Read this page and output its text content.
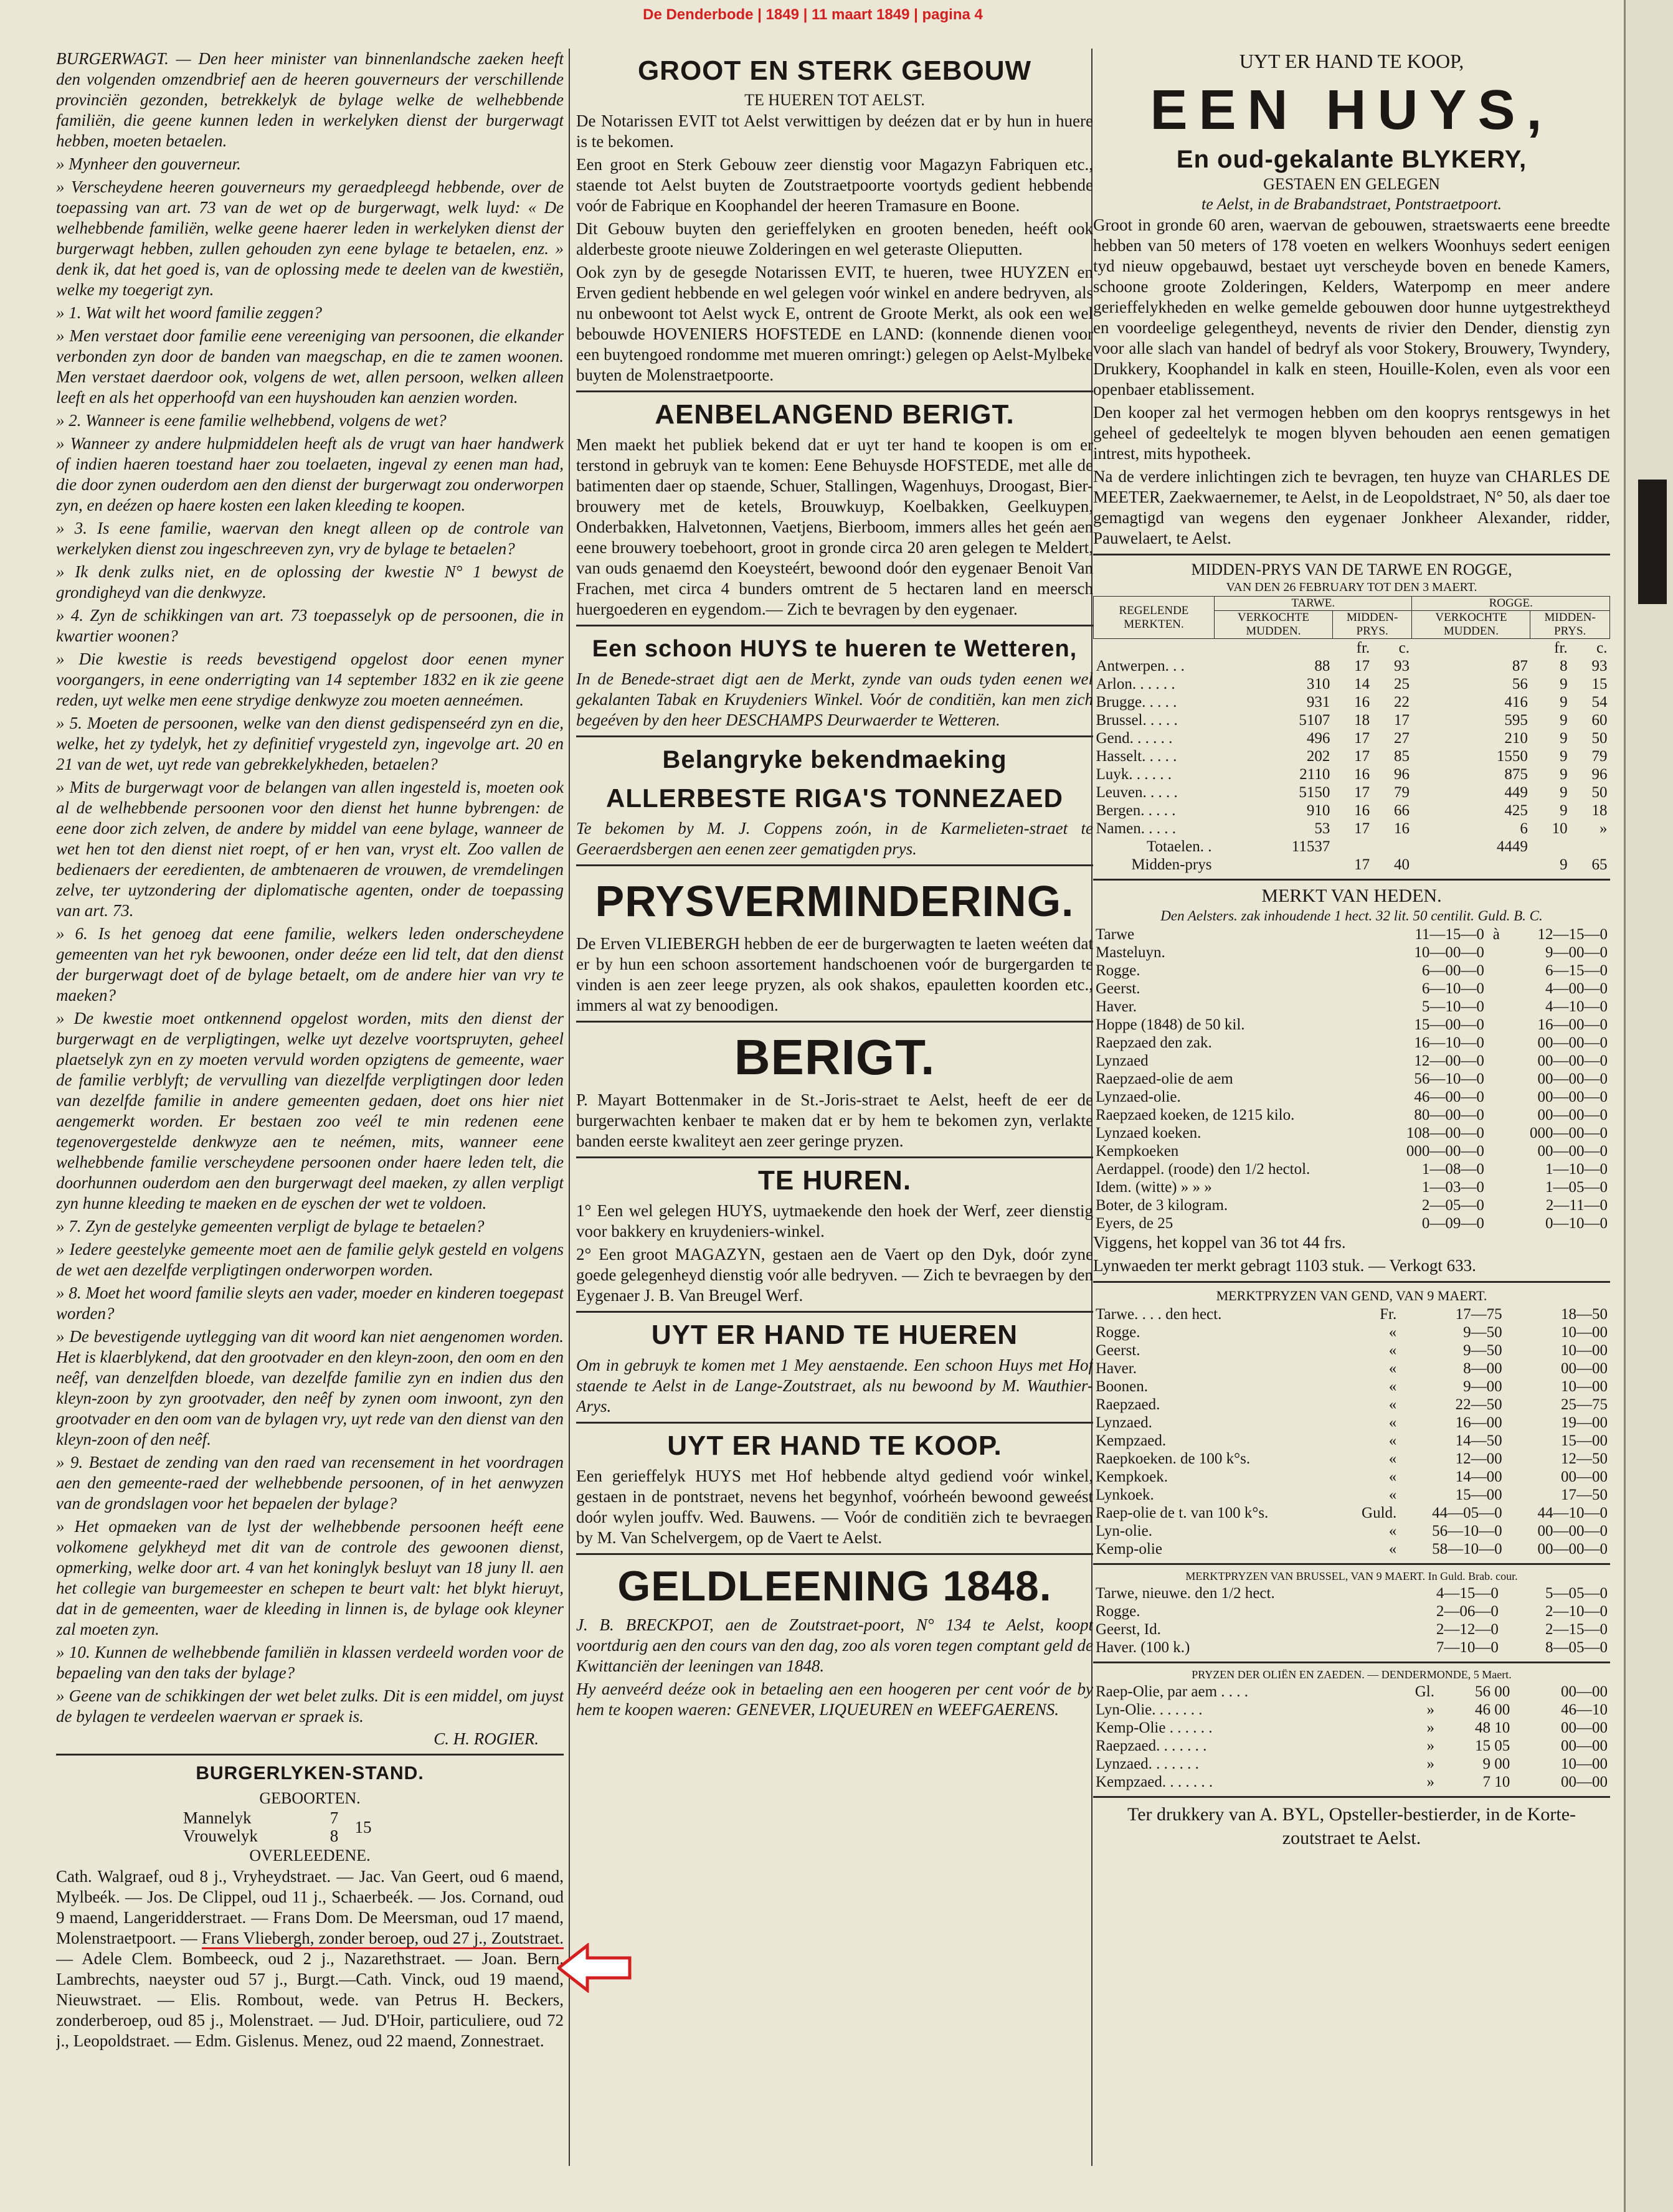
De Denderbode | 1849 | 11 maart 1849 | pagina 4

BURGERWAGT. — Den heer minister van binnenlandsche zaeken heeft den volgenden omzendbrief aen de heeren gouverneurs der verschillende provinciën gezonden, betrekkelyk de bylage welke de welhebbende familiën, die geene kunnen leden in werkelyken dienst der burgerwagt hebben, moeten betaelen.

» Mynheer den gouverneur.

» Verscheydene heeren gouverneurs my geraedpleegd hebbende, over de toepassing van art. 73 van de wet op de burgerwagt, welk luyd: « De welhebbende familiën, welke geene haerer leden in werkelyken dienst der burgerwagt hebben, zullen gehouden zyn eene bylage te betaelen, enz. » denk ik, dat het goed is, van de oplossing mede te deelen van de kwestiën, welke my toegerigt zyn.

» 1. Wat wilt het woord familie zeggen?

» Men verstaet door familie eene vereeniging van persoonen, die elkander verbonden zyn door de banden van maegschap, en die te zamen woonen. Men verstaet daerdoor ook, volgens de wet, allen persoon, welken alleen leeft en als het opperhoofd van een huyshouden kan aenzien worden.

» 2. Wanneer is eene familie welhebbend, volgens de wet?

» Wanneer zy andere hulpmiddelen heeft als de vrugt van haer handwerk of indien haeren toestand haer zou toelaeten, ingeval zy eenen man had, die door zynen ouderdom aen den dienst der burgerwagt zou onderworpen zyn, en deézen op haere kosten een laken kleeding te koopen.

» 3. Is eene familie, waervan den knegt alleen op de controle van werkelyken dienst zou ingeschreeven zyn, vry de bylage te betaelen?

» Ik denk zulks niet, en de oplossing der kwestie N° 1 bewyst de grondigheyd van die denkwyze.

» 4. Zyn de schikkingen van art. 73 toepasselyk op de persoonen, die in kwartier woonen?

» Die kwestie is reeds bevestigend opgelost door eenen myner voorgangers, in eene onderrigting van 14 september 1832 en ik zie geene reden, uyt welke men eene strydige denkwyze zou moeten aenneémen.

» 5. Moeten de persoonen, welke van den dienst gedispenseérd zyn en die, welke, het zy tydelyk, het zy definitief vrygesteld zyn, ingevolge art. 20 en 21 van de wet, uyt rede van gebrekkelykheden, betaelen?

» Mits de burgerwagt voor de belangen van allen ingesteld is, moeten ook al de welhebbende persoonen voor den dienst het hunne bybrengen: de eene door zich zelven, de andere by middel van eene bylage, wanneer de wet hen tot den dienst niet roept, of er hen van, vryst elt. Zoo vallen de bedienaers der eeredienten, de ambtenaeren de vrouwen, de vremdelingen zelve, ter uytzondering der diplomatische agenten, onder de toepassing van art. 73.

» 6. Is het genoeg dat eene familie, welkers leden onderscheydene gemeenten van het ryk bewoonen, onder deéze een lid telt, dat den dienst der burgerwagt doet of de bylage betaelt, om de andere hier van vry te maeken?

» De kwestie moet ontkennend opgelost worden, mits den dienst der burgerwagt en de verpligtingen, welke uyt dezelve voortspruyten, geheel plaetselyk zyn en zy moeten vervuld worden opzigtens de gemeente, waer de familie verblyft; de vervulling van diezelfde verpligtingen door leden van dezelfde familie in andere gemeenten gedaen, doet ons hier niet aengemerkt worden. Er bestaen zoo veél te min redenen eene tegenovergestelde denkwyze aen te neémen, mits, wanneer eene welhebbende familie verscheydene persoonen onder haere leden telt, die doorhunnen ouderdom aen den burgerwagt deel maeken, zy allen verpligt zyn hunne kleeding te maeken en de eyschen der wet te voldoen.

» 7. Zyn de gestelyke gemeenten verpligt de bylage te betaelen?

» Iedere geestelyke gemeente moet aen de familie gelyk gesteld en volgens de wet aen dezelfde verpligtingen onderworpen worden.

» 8. Moet het woord familie sleyts aen vader, moeder en kinderen toegepast worden?

» De bevestigende uytlegging van dit woord kan niet aengenomen worden. Het is klaerblykend, dat den grootvader en den kleyn-zoon, den oom en den neêf, van denzelfden bloede, van dezelfde familie zyn en indien dus den kleyn-zoon by zyn grootvader, den neêf by zynen oom inwoont, zyn den grootvader en den oom van de bylagen vry, uyt rede van den dienst van den kleyn-zoon of den neêf.

» 9. Bestaet de zending van den raed van recensement in het voordragen aen den gemeente-raed der welhebbende persoonen, of in het aenwyzen van de grondslagen voor het bepaelen der bylage?

» Het opmaeken van de lyst der welhebbende persoonen heéft eene volkomene gelykheyd met dit van de controle des gewoonen dienst, opmerking, welke door art. 4 van het koninglyk besluyt van 18 juny ll. aen het collegie van burgemeester en schepen te beurt valt: het blykt hieruyt, dat in de gemeenten, waer de kleeding in linnen is, de bylage ook kleyner zal moeten zyn.

» 10. Kunnen de welhebbende familiën in klassen verdeeld worden voor de bepaeling van den taks der bylage?

» Geene van de schikkingen der wet belet zulks. Dit is een middel, om juyst de bylagen te verdeelen waervan er spraek is.

C. H. ROGIER.
BURGERLYKEN-STAND.
GEBOORTEN.
Mannelyk	7	15
Vrouwelyk	8	
OVERLEEDENE.

Cath. Walgraef, oud 8 j., Vryheydstraet. — Jac. Van Geert, oud 6 maend, Mylbeék. — Jos. De Clippel, oud 11 j., Schaerbeék. — Jos. Cornand, oud 9 maend, Langeridderstraet. — Frans Dom. De Meersman, oud 17 maend, Molenstraetpoort. — Frans Vliebergh, zonder beroep, oud 27 j., Zoutstraet. — Adele Clem. Bombeeck, oud 2 j., Nazarethstraet. — Joan. Bern. Lambrechts, naeyster oud 57 j., Burgt.—Cath. Vinck, oud 19 maend, Nieuwstraet. — Elis. Rombout, wede. van Petrus H. Beckers, zonderberoep, oud 85 j., Molenstraet. — Jud. D'Hoir, particuliere, oud 72 j., Leopoldstraet. — Edm. Gislenus. Menez, oud 22 maend, Zonnestraet.

GROOT EN STERK GEBOUW
TE HUEREN TOT AELST.

De Notarissen EVIT tot Aelst verwittigen by deézen dat er by hun in huere is te bekomen.

Een groot en Sterk Gebouw zeer dienstig voor Magazyn Fabriquen etc., staende tot Aelst buyten de Zoutstraetpoorte voortyds gedient hebbende voór de Fabrique en Koophandel der heeren Tramasure en Boone.

Dit Gebouw buyten den gerieffelyken en grooten beneden, heéft ook alderbeste groote nieuwe Zolderingen en wel geteraste Olieputten.

Ook zyn by de gesegde Notarissen EVIT, te hueren, twee HUYZEN en Erven gedient hebbende en wel gelegen voór winkel en andere bedryven, als nu onbewoont tot Aelst wyck E, ontrent de Groote Merkt, als ook een wel bebouwde HOVENIERS HOFSTEDE en LAND: (konnende dienen voor een buytengoed rondomme met mueren omringt:) gelegen op Aelst-Mylbeke buyten de Molenstraetpoorte.

AENBELANGEND BERIGT.

Men maekt het publiek bekend dat er uyt ter hand te koopen is om er terstond in gebruyk van te komen: Eene Behuysde HOFSTEDE, met alle de batimenten daer op staende, Schuer, Stallingen, Wagenhuys, Droogast, Bier-brouwery met de ketels, Brouwkuyp, Koelbakken, Geelkuypen, Onderbakken, Halvetonnen, Vaetjens, Bierboom, immers alles het geén aen eene brouwery toebehoort, groot in gronde circa 20 aren gelegen te Meldert, van ouds genaemd den Koeysteért, bewoond doór den eygenaer Benoit Van Frachen, met circa 4 bunders omtrent de 5 hectaren land en meersch huergoederen en eygendom.— Zich te bevragen by den eygenaer.

Een schoon HUYS te hueren te Wetteren,

In de Benede-straet digt aen de Merkt, zynde van ouds tyden eenen wel gekalanten Tabak en Kruydeniers Winkel. Voór de conditiën, kan men zich begeéven by den heer DESCHAMPS Deurwaerder te Wetteren.

Belangryke bekendmaeking
ALLERBESTE RIGA'S TONNEZAED

Te bekomen by M. J. Coppens zoón, in de Karmelieten-straet te Geeraerdsbergen aen eenen zeer gematigden prys.

PRYSVERMINDERING.

De Erven VLIEBERGH hebben de eer de burgerwagten te laeten weéten dat er by hun een schoon assortement handschoenen voór de burgergarden te vinden is aen zeer leege pryzen, als ook shakos, epauletten koorden etc., immers al wat zy benoodigen.

BERIGT.

P. Mayart Bottenmaker in de St.-Joris-straet te Aelst, heeft de eer de burgerwachten kenbaer te maken dat er by hem te bekomen zyn, verlakte banden eerste kwaliteyt aen zeer geringe pryzen.

TE HUREN.

1° Een wel gelegen HUYS, uytmaekende den hoek der Werf, zeer dienstig voor bakkery en kruydeniers-winkel.

2° Een groot MAGAZYN, gestaen aen de Vaert op den Dyk, doór zyne goede gelegenheyd dienstig voór alle bedryven. — Zich te bevraegen by den Eygenaer J. B. Van Breugel Werf.

UYT ER HAND TE HUEREN

Om in gebruyk te komen met 1 Mey aenstaende. Een schoon Huys met Hof staende te Aelst in de Lange-Zoutstraet, als nu bewoond by M. Wauthier-Arys.

UYT ER HAND TE KOOP.

Een gerieffelyk HUYS met Hof hebbende altyd gediend voór winkel, gestaen in de pontstraet, nevens het begynhof, voórheén bewoond geweést doór wylen jouffv. Wed. Bauwens. — Voór de conditiën zich te bevraegen by M. Van Schelvergem, op de Vaert te Aelst.

GELDLEENING 1848.

J. B. BRECKPOT, aen de Zoutstraet-poort, N° 134 te Aelst, koopt voortdurig aen den cours van den dag, zoo als voren tegen comptant geld de Kwittanciën der leeningen van 1848.

Hy aenveérd deéze ook in betaeling aen een hoogeren per cent voór de by hem te koopen waeren: GENEVER, LIQUEUREN en WEEFGAERENS.

UYT ER HAND TE KOOP,
EEN HUYS,
En oud-gekalante BLYKERY,
GESTAEN EN GELEGEN
te Aelst, in de Brabandstraet, Pontstraetpoort.

Groot in gronde 60 aren, waervan de gebouwen, straetswaerts eene breedte hebben van 50 meters of 178 voeten en welkers Woonhuys sedert eenigen tyd nieuw opgebauwd, bestaet uyt verscheyde boven en benede Kamers, schoone groote Zolderingen, Kelders, Waterpomp en meer andere gerieffelykheden en welke gemelde gebouwen door hunne uytgestrektheyd en voordeelige gelegentheyd, nevents de rivier den Dender, dienstig zyn voor alle slach van handel of bedryf als voor Stokery, Brouwery, Twyndery, Drukkery, Koophandel in kalk en steen, Houille-Kolen, even als voor een openbaer etablissement.

Den kooper zal het vermogen hebben om den kooprys rentsgewys in het geheel of gedeeltelyk te mogen blyven behouden aen eenen gematigen intrest, mits hypotheek.

Na de verdere inlichtingen zich te bevragen, ten huyze van CHARLES DE MEETER, Zaekwaernemer, te Aelst, in de Leopoldstraet, N° 50, als daer toe gemagtigd van wegens den eygenaer Jonkheer Alexander, ridder, Pauwelaert, te Aelst.

MIDDEN-PRYS VAN DE TARWE EN ROGGE,
VAN DEN 26 FEBRUARY TOT DEN 3 MAERT.
REGELENDE MERKTEN.	TARWE.			ROGGE.		
	VERKOCHTE MUDDEN.	MIDDEN-PRYS.		VERKOCHTE MUDDEN.	MIDDEN-PRYS.	
		fr.	c.		fr.	c.
Antwerpen. . .	88	17	93	87	8	93
Arlon. . . . . .	310	14	25	56	9	15
Brugge. . . . .	931	16	22	416	9	54
Brussel. . . . .	5107	18	17	595	9	60
Gend. . . . . .	496	17	27	210	9	50
Hasselt. . . . .	202	17	85	1550	9	79
Luyk. . . . . .	2110	16	96	875	9	96
Leuven. . . . .	5150	17	79	449	9	50
Bergen. . . . .	910	16	66	425	9	18
Namen. . . . .	53	17	16	6	10	»
Totaelen. .	11537			4449		
Midden-prys		17	40		9	65
MERKT VAN HEDEN.
Den Aelsters. zak inhoudende 1 hect. 32 lit. 50 centilit. Guld. B. C.
Tarwe	11—15—0	à	12—15—0
Masteluyn.	10—00—0		9—00—0
Rogge.	6—00—0		6—15—0
Geerst.	6—10—0		4—00—0
Haver.	5—10—0		4—10—0
Hoppe (1848) de 50 kil.	15—00—0		16—00—0
Raepzaed den zak.	16—10—0		00—00—0
Lynzaed	12—00—0		00—00—0
Raepzaed-olie de aem	56—10—0		00—00—0
Lynzaed-olie.	46—00—0		00—00—0
Raepzaed koeken, de 1215 kilo.	80—00—0		00—00—0
Lynzaed koeken.	108—00—0		000—00—0
Kempkoeken	000—00—0		00—00—0
Aerdappel. (roode) den 1/2 hectol.	1—08—0		1—10—0
Idem. (witte) » » »	1—03—0		1—05—0
Boter, de 3 kilogram.	2—05—0		2—11—0
Eyers, de 25	0—09—0		0—10—0

Viggens, het koppel van 36 tot 44 frs.

Lynwaeden ter merkt gebragt 1103 stuk. — Verkogt 633.

MERKTPRYZEN VAN GEND, VAN 9 MAERT.
Tarwe. . . . den hect.	Fr.	17—75	18—50
Rogge.	«	9—50	10—00
Geerst.	«	9—50	10—00
Haver.	«	8—00	00—00
Boonen.	«	9—00	10—00
Raepzaed.	«	22—50	25—75
Lynzaed.	«	16—00	19—00
Kempzaed.	«	14—50	15—00
Raepkoeken. de 100 k°s.	«	12—00	12—50
Kempkoek.	«	14—00	00—00
Lynkoek.	«	15—00	17—50
Raep-olie de t. van 100 k°s.	Guld.	44—05—0	44—10—0
Lyn-olie.	«	56—10—0	00—00—0
Kemp-olie	«	58—10—0	00—00—0
MERKTPRYZEN VAN BRUSSEL, VAN 9 MAERT. In Guld. Brab. cour.
Tarwe, nieuwe. den 1/2 hect.	4—15—0	5—05—0
Rogge.	2—06—0	2—10—0
Geerst, Id.	2—12—0	2—15—0
Haver. (100 k.)	7—10—0	8—05—0
PRYZEN DER OLIËN EN ZAEDEN. — DENDERMONDE, 5 Maert.
Raep-Olie, par aem . . . .	Gl.	56 00	00—00
Lyn-Olie. . . . . . .	»	46 00	46—10
Kemp-Olie . . . . . .	»	48 10	00—00
Raepzaed. . . . . . .	»	15 05	00—00
Lynzaed. . . . . . .	»	9 00	10—00
Kempzaed. . . . . . .	»	7 10	00—00

Ter drukkery van A. BYL, Opsteller-bestierder, in de Korte-zoutstraet te Aelst.
